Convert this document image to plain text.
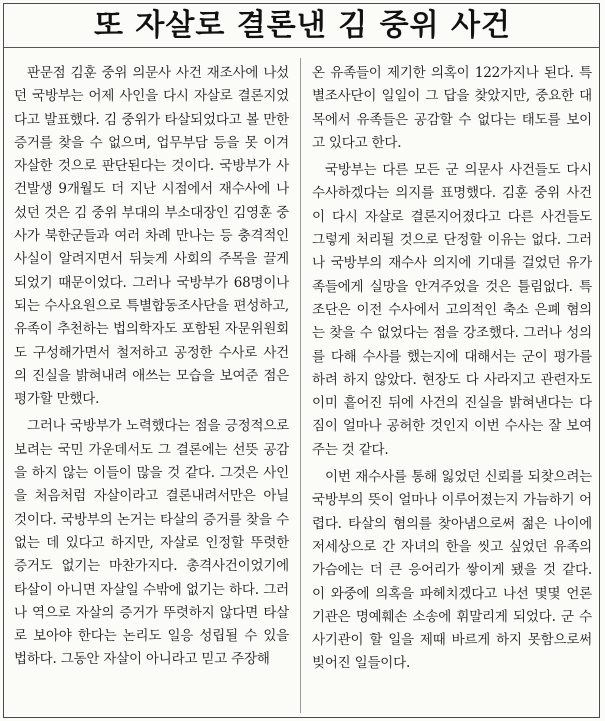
또 자살로 결론낸 김 중위 사건

판문점 김훈 중위 의문사 사건 재조사에 나섰던 국방부는 어제 사인을 다시 자살로 결론지었다고 발표했다. 김 중위가 타살되었다고 볼 만한 증거를 찾을 수 없으며, 업무부담 등을 못 이겨 자살한 것으로 판단된다는 것이다. 국방부가 사건발생 9개월도 더 지난 시점에서 재수사에 나섰던 것은 김 중위 부대의 부소대장인 김영훈 중사가 북한군들과 여러 차례 만나는 등 충격적인 사실이 알려지면서 뒤늦게 사회의 주목을 끌게 되었기 때문이었다. 그러나 국방부가 68명이나 되는 수사요원으로 특별합동조사단을 편성하고, 유족이 추천하는 법의학자도 포함된 자문위원회도 구성해가면서 철저하고 공정한 수사로 사건의 진실을 밝혀내려 애쓰는 모습을 보여준 점은 평가할 만했다.

그러나 국방부가 노력했다는 점을 긍정적으로 보려는 국민 가운데서도 그 결론에는 선뜻 공감을 하지 않는 이들이 많을 것 같다. 그것은 사인을 처음처럼 자살이라고 결론내려서만은 아닐 것이다. 국방부의 논거는 타살의 증거를 찾을 수 없는 데 있다고 하지만, 자살로 인정할 뚜렷한 증거도 없기는 마찬가지다. 총격사건이었기에 타살이 아니면 자살일 수밖에 없기는 하다. 그러나 역으로 자살의 증거가 뚜렷하지 않다면 타살로 보아야 한다는 논리도 일응 성립될 수 있을 법하다. 그동안 자살이 아니라고 믿고 주장해

온 유족들이 제기한 의혹이 122가지나 된다. 특별조사단이 일일이 그 답을 찾았지만, 중요한 대목에서 유족들은 공감할 수 없다는 태도를 보이고 있다고 한다.

국방부는 다른 모든 군 의문사 사건들도 다시 수사하겠다는 의지를 표명했다. 김훈 중위 사건이 다시 자살로 결론지어졌다고 다른 사건들도 그렇게 처리될 것으로 단정할 이유는 없다. 그러나 국방부의 재수사 의지에 기대를 걸었던 유가족들에게 실망을 안겨주었을 것은 틀림없다. 특조단은 이전 수사에서 고의적인 축소 은폐 혐의는 찾을 수 없었다는 점을 강조했다. 그러나 성의를 다해 수사를 했는지에 대해서는 군이 평가를 하려 하지 않았다. 현장도 다 사라지고 관련자도 이미 흩어진 뒤에 사건의 진실을 밝혀낸다는 다짐이 얼마나 공허한 것인지 이번 수사는 잘 보여주는 것 같다.

이번 재수사를 통해 잃었던 신뢰를 되찾으려는 국방부의 뜻이 얼마나 이루어졌는지 가늠하기 어렵다. 타살의 혐의를 찾아냄으로써 젊은 나이에 저세상으로 간 자녀의 한을 씻고 싶었던 유족의 가슴에는 더 큰 응어리가 쌓이게 됐을 것 같다. 이 와중에 의혹을 파헤치겠다고 나선 몇몇 언론기관은 명예훼손 소송에 휘말리게 되었다. 군 수사기관이 할 일을 제때 바르게 하지 못함으로써 빚어진 일들이다.
